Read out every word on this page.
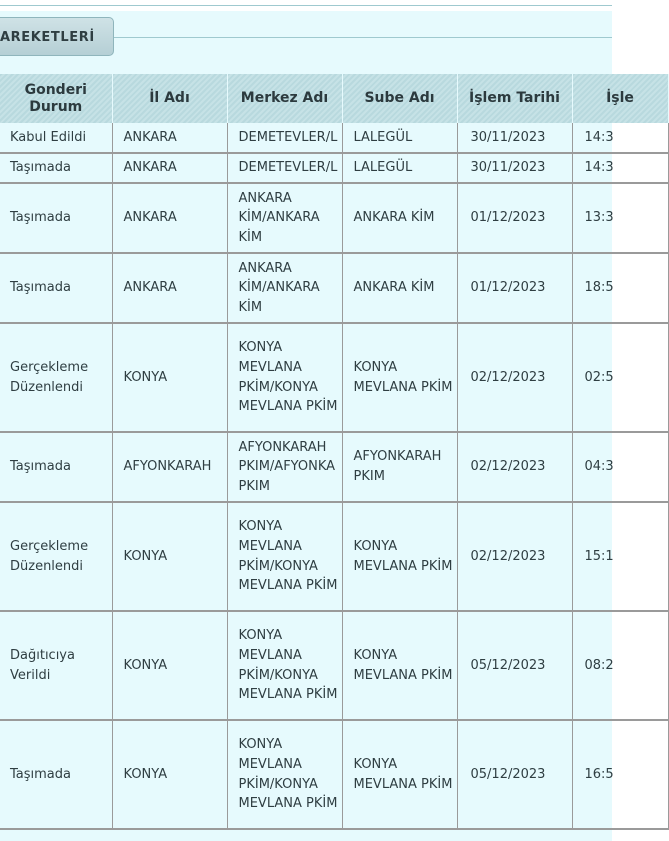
AREKETLERİ
Gonderi Durum	İl Adı	Merkez Adı	Sube Adı	İşlem Tarihi	İşle
Kabul Edildi	ANKARA	DEMETEVLER/L	LALEGÜL	30/11/2023	14:3
Taşımada	ANKARA	DEMETEVLER/L	LALEGÜL	30/11/2023	14:3
Taşımada	ANKARA	ANKARA KİM/ANKARA KİM	ANKARA KİM	01/12/2023	13:3
Taşımada	ANKARA	ANKARA KİM/ANKARA KİM	ANKARA KİM	01/12/2023	18:5
Gerçekleme Düzenlendi	KONYA	KONYA MEVLANA PKİM/KONYA MEVLANA PKİM	KONYA MEVLANA PKİM	02/12/2023	02:5
Taşımada	AFYONKARAH	AFYONKARAH PKIM/AFYONKA PKIM	AFYONKARAH PKIM	02/12/2023	04:3
Gerçekleme Düzenlendi	KONYA	KONYA MEVLANA PKİM/KONYA MEVLANA PKİM	KONYA MEVLANA PKİM	02/12/2023	15:1
Dağıtıcıya Verildi	KONYA	KONYA MEVLANA PKİM/KONYA MEVLANA PKİM	KONYA MEVLANA PKİM	05/12/2023	08:2
Taşımada	KONYA	KONYA MEVLANA PKİM/KONYA MEVLANA PKİM	KONYA MEVLANA PKİM	05/12/2023	16:5
